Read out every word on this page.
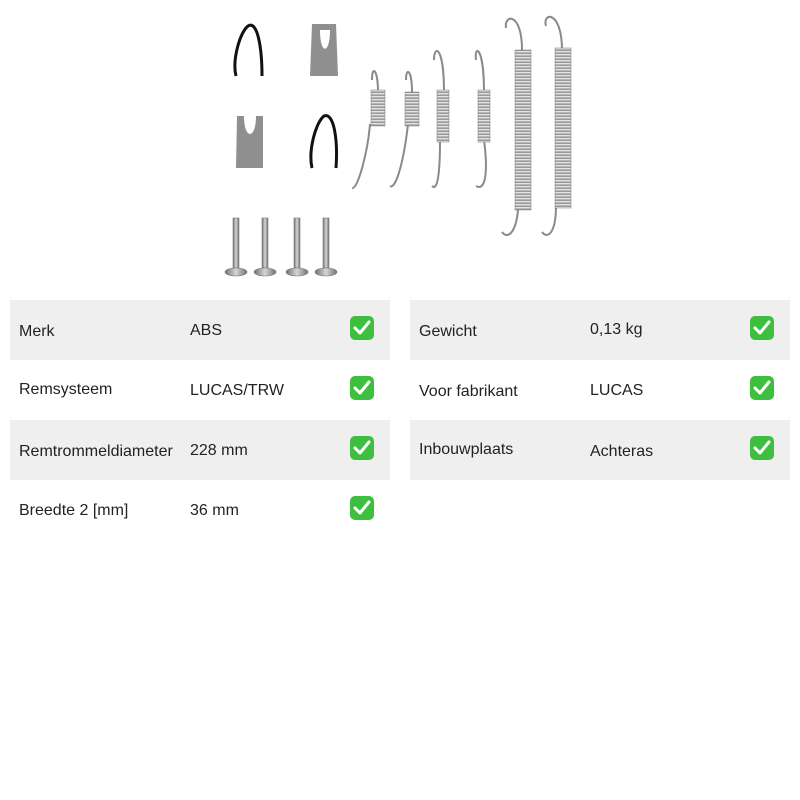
Merk	ABS
Remsysteem	LUCAS/TRW
Remtrommeldiameter 228 mm
Breedte 2 [mm]	36 mm
Gewicht	0,13 kg
Voor fabrikant	LUCAS
Inbouwplaats	Achteras
